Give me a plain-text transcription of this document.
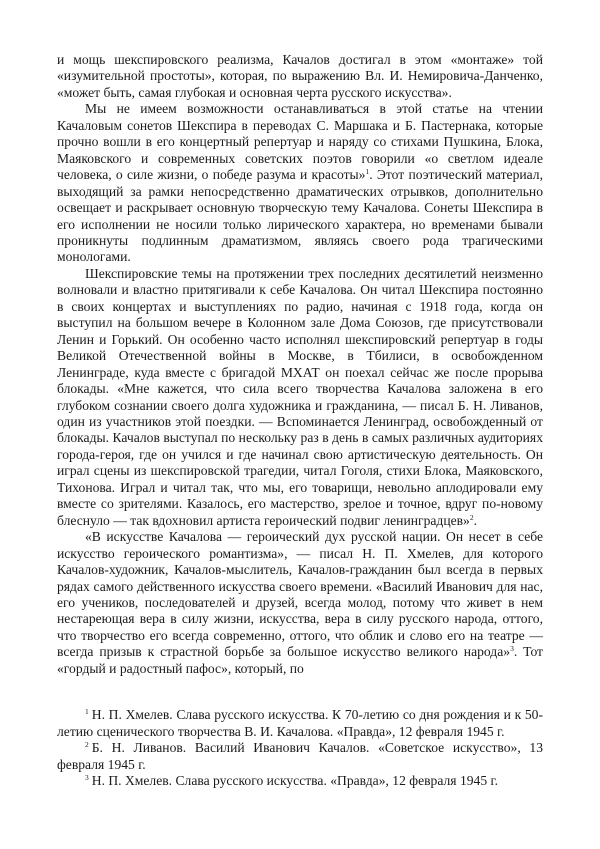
и мощь шекспировского реализма, Качалов достигал в этом «монтаже» той «изумительной простоты», которая, по выражению Вл. И. Немировича-Данченко, «может быть, самая глубокая и основная черта русского искусства».

Мы не имеем возможности останавливаться в этой статье на чтении Качаловым сонетов Шекспира в переводах С. Маршака и Б. Пастернака, которые прочно вошли в его концертный репертуар и наряду со стихами Пушкина, Блока, Маяковского и современных советских поэтов говорили «о светлом идеале человека, о силе жизни, о победе разума и красоты»$^1$. Этот поэтический материал, выходящий за рамки непосредственно драматических отрывков, дополнительно освещает и раскрывает основную творческую тему Качалова. Сонеты Шекспира в его исполнении не носили только лирического характера, но временами бывали проникнуты подлинным драматизмом, являясь своего рода трагическими монологами.

Шекспировские темы на протяжении трех последних десятилетий неизменно волновали и властно притягивали к себе Качалова. Он читал Шекспира постоянно в своих концертах и выступлениях по радио, начиная с 1918 года, когда он выступил на большом вечере в Колонном зале Дома Союзов, где присутствовали Ленин и Горький. Он особенно часто исполнял шекспировский репертуар в годы Великой Отечественной войны в Москве, в Тбилиси, в освобожденном Ленинграде, куда вместе с бригадой МХАТ он поехал сейчас же после прорыва блокады. «Мне кажется, что сила всего творчества Качалова заложена в его глубоком сознании своего долга художника и гражданина, — писал Б. Н. Ливанов, один из участников этой поездки. — Вспоминается Ленинград, освобожденный от блокады. Качалов выступал по нескольку раз в день в самых различных аудиториях города-героя, где он учился и где начинал свою артистическую деятельность. Он играл сцены из шекспировской трагедии, читал Гоголя, стихи Блока, Маяковского, Тихонова. Играл и читал так, что мы, его товарищи, невольно аплодировали ему вместе со зрителями. Казалось, его мастерство, зрелое и точное, вдруг по-новому блеснуло — так вдохновил артиста героический подвиг ленинградцев»$^2$.

«В искусстве Качалова — героический дух русской нации. Он несет в себе искусство героического романтизма», — писал Н. П. Хмелев, для которого Качалов-художник, Качалов-мыслитель, Качалов-гражданин был всегда в первых рядах самого действенного искусства своего времени. «Василий Иванович для нас, его учеников, последователей и друзей, всегда молод, потому что живет в нем нестареющая вера в силу жизни, искусства, вера в силу русского народа, оттого, что творчество его всегда современно, оттого, что облик и слово его на театре — всегда призыв к страстной борьбе за большое искусство великого народа»$^3$. Тот «гордый и радостный пафос», который, по

$^1$ Н. П. Хмелев. Слава русского искусства. К 70-летию со дня рождения и к 50-летию сценического творчества В. И. Качалова. «Правда», 12 февраля 1945 г.

$^2$ Б. Н. Ливанов. Василий Иванович Качалов. «Советское искусство», 13 февраля 1945 г.

$^3$ Н. П. Хмелев. Слава русского искусства. «Правда», 12 февраля 1945 г.
